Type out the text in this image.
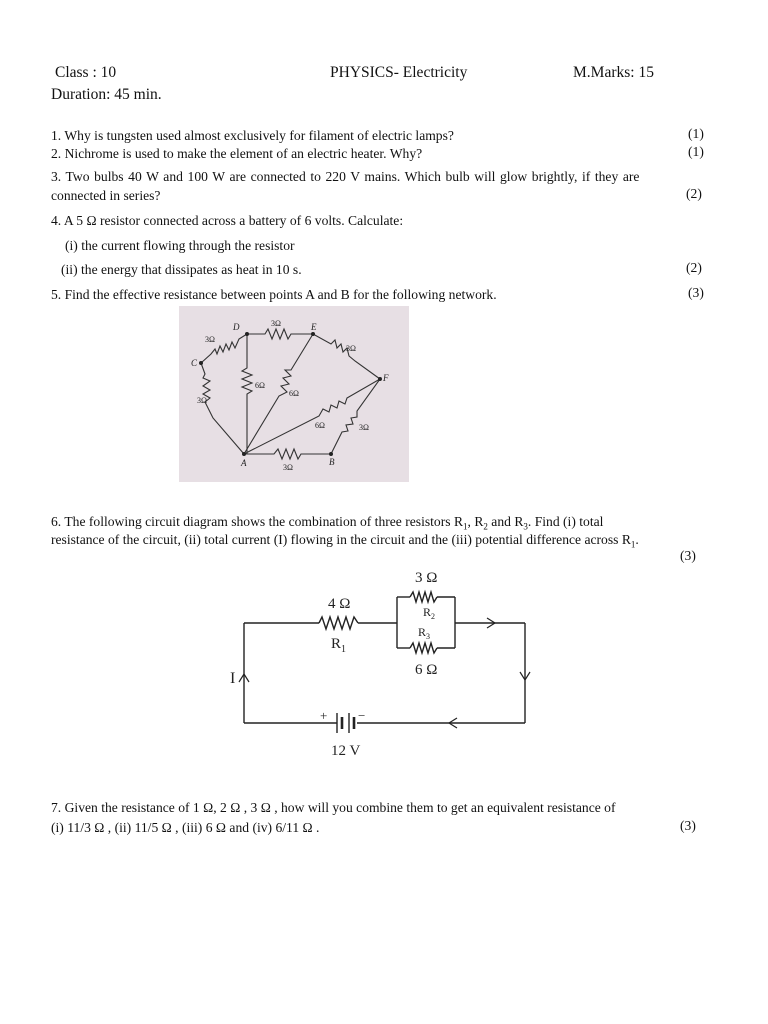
Class : 10	PHYSICS- Electricity	M.Marks: 15
Duration: 45 min.
1. Why is tungsten used almost exclusively for filament of electric lamps?	(1)
2. Nichrome is used to make the element of an electric heater. Why?	(1)
3. Two bulbs 40 W and 100 W are connected to 220 V mains. Which bulb will glow brightly, if they are
connected in series?	(2)
4. A 5 Ω resistor connected across a battery of 6 volts. Calculate:
(i) the current flowing through the resistor
(ii) the energy that dissipates as heat in 10 s.	(2)
5. Find the effective resistance between points A and B for the following network.	(3)
C
D	E
F
A	B
3Ω
3Ω
3Ω
3Ω
6Ω
6Ω
6Ω	3Ω
3Ω
6. The following circuit diagram shows the combination of three resistors $R_1$, $R_2$ and $R_3$. Find (i) total
resistance of the circuit, (ii) total current (I) flowing in the circuit and the (iii) potential difference across $R_1$.
(3)
4 Ω
$R_1$
3 Ω
$R_2$
$R_3$
6 Ω
I
+ −
12 V
7. Given the resistance of 1 Ω, 2 Ω , 3 Ω , how will you combine them to get an equivalent resistance of
(i) 11/3 Ω , (ii) 11/5 Ω , (iii) 6 Ω and (iv) 6/11 Ω .	(3)
